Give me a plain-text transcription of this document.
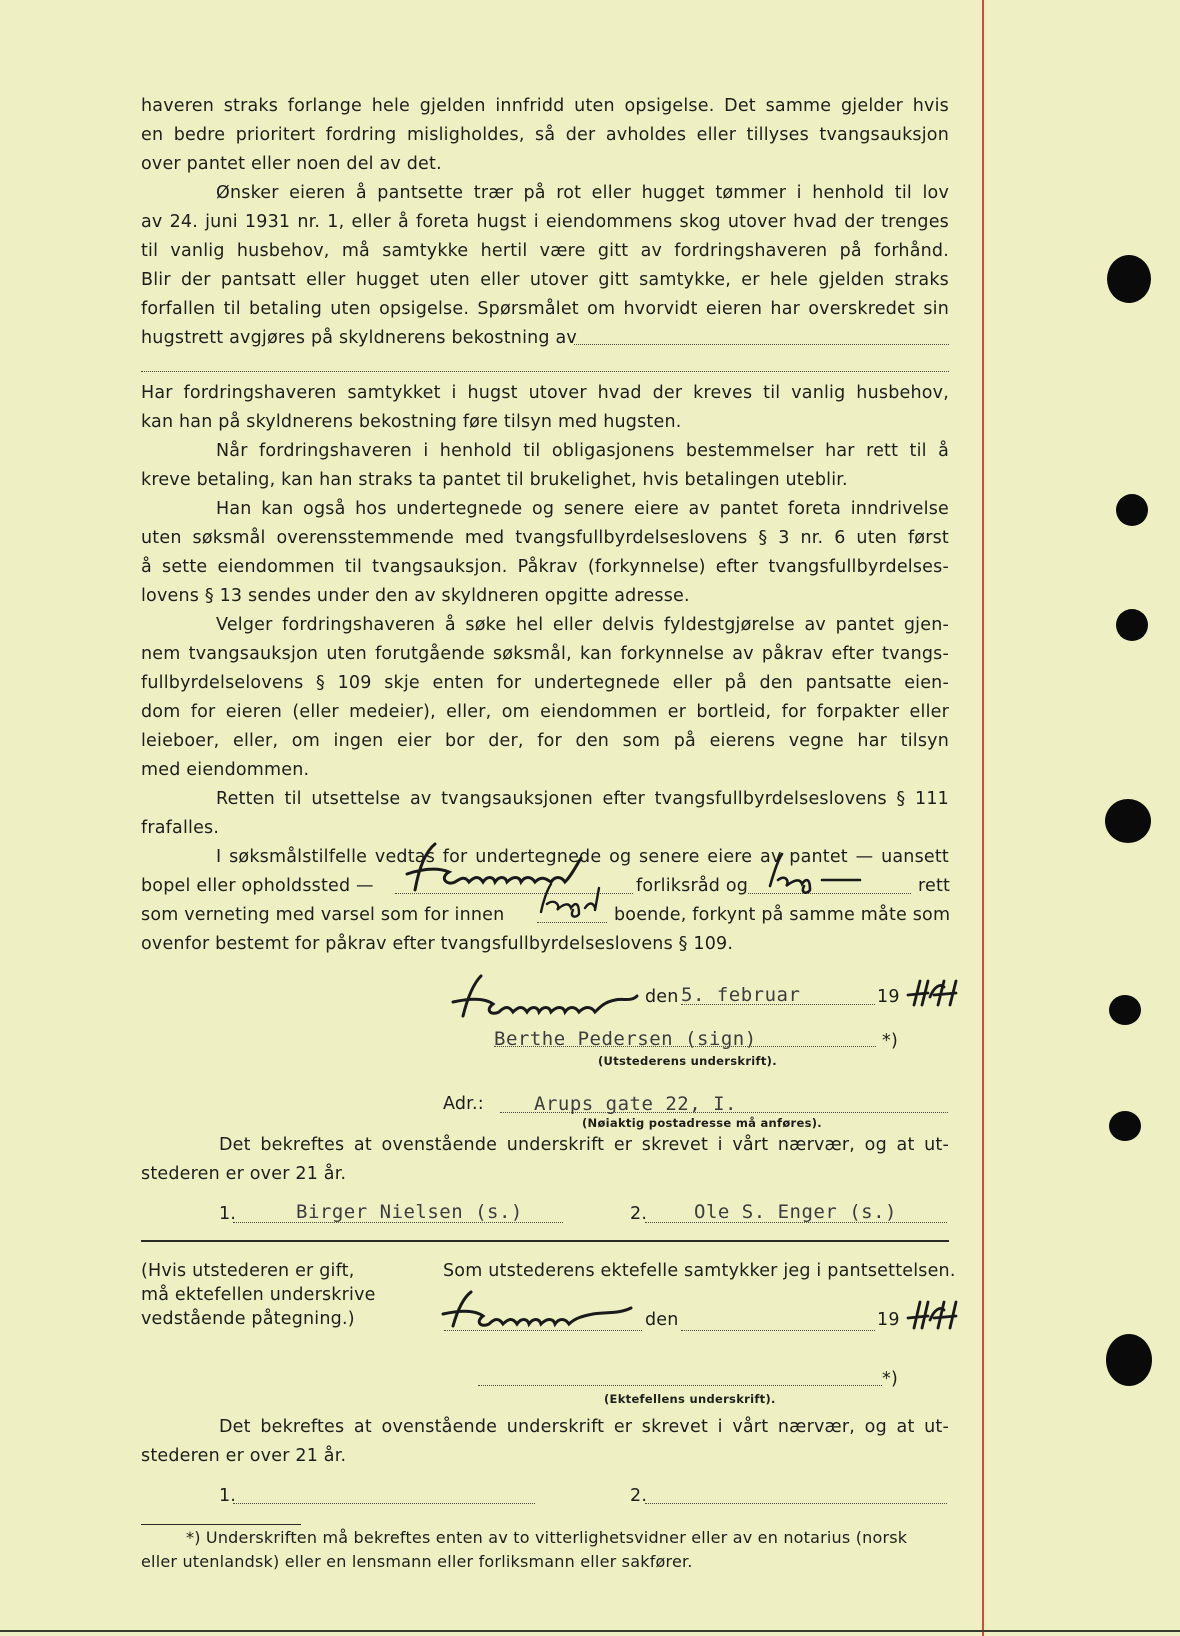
haveren straks forlange hele gjelden innfridd uten opsigelse. Det samme gjelder hvis
en bedre prioritert fordring misligholdes, så der avholdes eller tillyses tvangsauksjon
over pantet eller noen del av det.
Ønsker eieren å pantsette trær på rot eller hugget tømmer i henhold til lov
av 24. juni 1931 nr. 1, eller å foreta hugst i eiendommens skog utover hvad der trenges
til vanlig husbehov, må samtykke hertil være gitt av fordringshaveren på forhånd.
Blir der pantsatt eller hugget uten eller utover gitt samtykke, er hele gjelden straks
forfallen til betaling uten opsigelse. Spørsmålet om hvorvidt eieren har overskredet sin
hugstrett avgjøres på skyldnerens bekostning av
Har fordringshaveren samtykket i hugst utover hvad der kreves til vanlig husbehov,
kan han på skyldnerens bekostning føre tilsyn med hugsten.
Når fordringshaveren i henhold til obligasjonens bestemmelser har rett til å
kreve betaling, kan han straks ta pantet til brukelighet, hvis betalingen uteblir.
Han kan også hos undertegnede og senere eiere av pantet foreta inndrivelse
uten søksmål overensstemmende med tvangsfullbyrdelseslovens § 3 nr. 6 uten først
å sette eiendommen til tvangsauksjon. Påkrav (forkynnelse) efter tvangsfullbyrdelses-
lovens § 13 sendes under den av skyldneren opgitte adresse.
Velger fordringshaveren å søke hel eller delvis fyldestgjørelse av pantet gjen-
nem tvangsauksjon uten forutgående søksmål, kan forkynnelse av påkrav efter tvangs-
fullbyrdelselovens § 109 skje enten for undertegnede eller på den pantsatte eien-
dom for eieren (eller medeier), eller, om eiendommen er bortleid, for forpakter eller
leieboer, eller, om ingen eier bor der, for den som på eierens vegne har tilsyn
med eiendommen.
Retten til utsettelse av tvangsauksjonen efter tvangsfullbyrdelseslovens § 111
frafalles.
I søksmålstilfelle vedtas for undertegnede og senere eiere av pantet — uansett
bopel eller opholdssted —	forliksråd og	rett
som verneting med varsel som for innen	boende, forkynt på samme måte som
ovenfor bestemt for påkrav efter tvangsfullbyrdelseslovens § 109.
den 5. februar	19
Berthe Pedersen (sign)	*)
(Utstederens underskrift).
Adr.:	Arups gate 22, I.
(Nøiaktig postadresse må anføres).
Det bekreftes at ovenstående underskrift er skrevet i vårt nærvær, og at ut-
stederen er over 21 år.
1.	Birger Nielsen (s.)	2. Ole S. Enger (s.)
(Hvis utstederen er gift,
må ektefellen underskrive
vedstående påtegning.)
Som utstederens ektefelle samtykker jeg i pantsettelsen.
den	19
*)
(Ektefellens underskrift).
Det bekreftes at ovenstående underskrift er skrevet i vårt nærvær, og at ut-
stederen er over 21 år.
1.	2.
*) Underskriften må bekreftes enten av to vitterlighetsvidner eller av en notarius (norsk
eller utenlandsk) eller en lensmann eller forliksmann eller sakfører.
